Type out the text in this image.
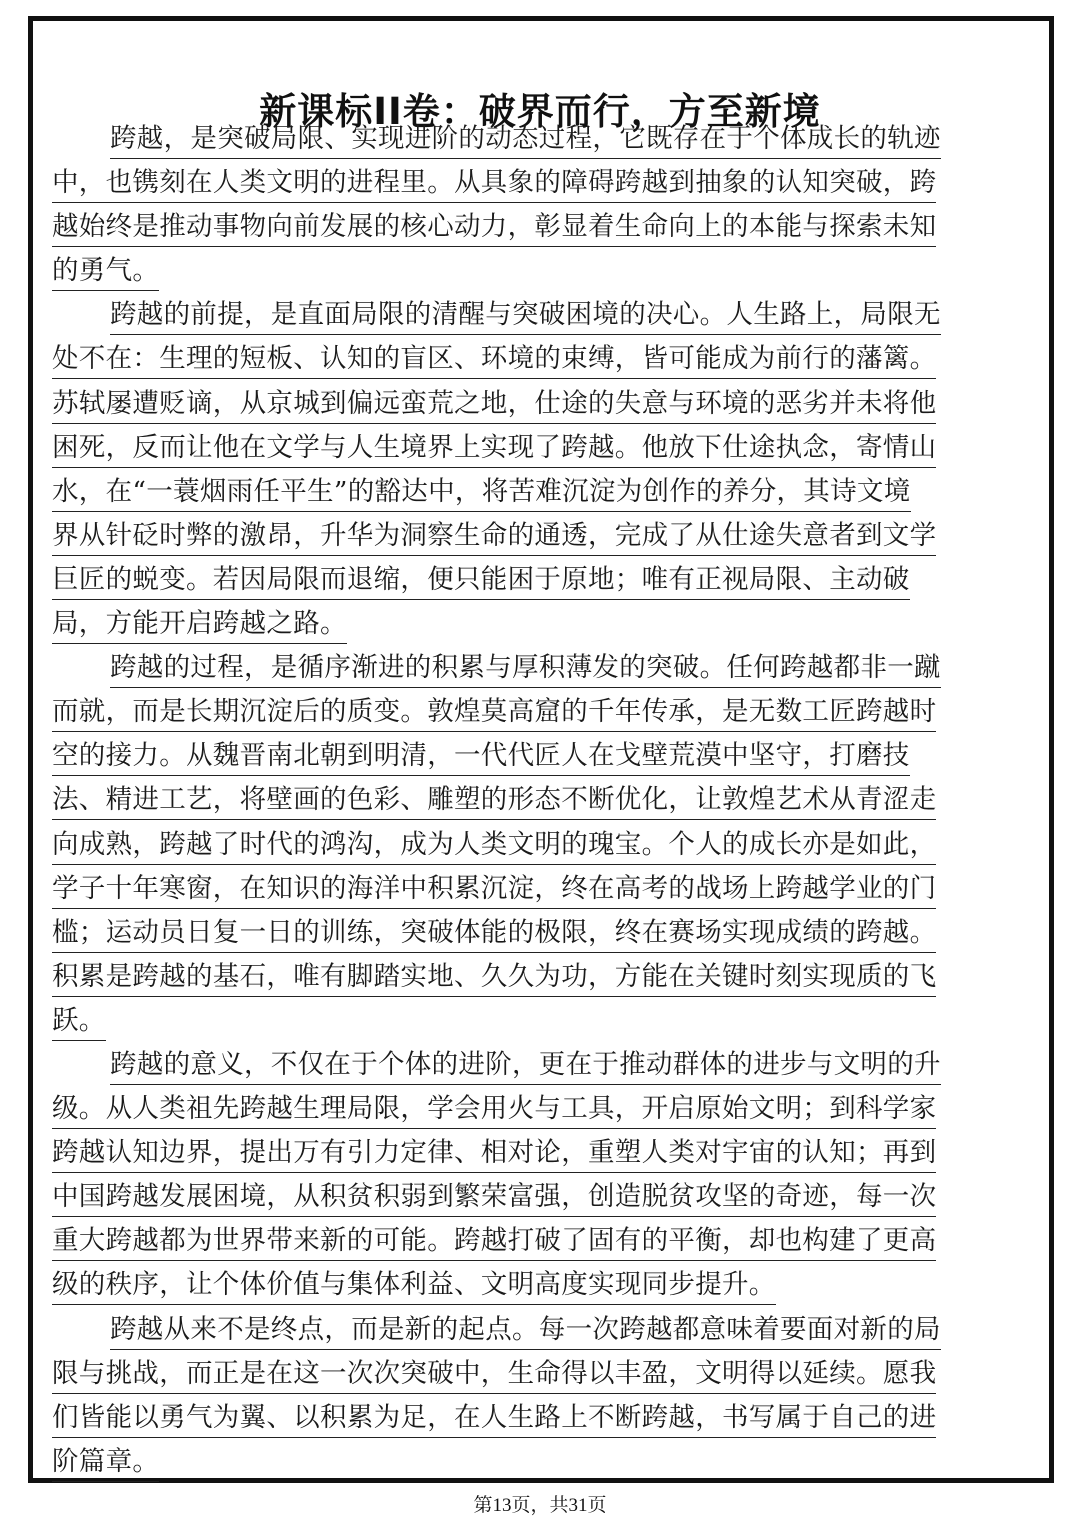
新课标II卷：破界而行，方至新境
跨越，是突破局限、实现进阶的动态过程，它既存在于个体成长的轨迹
中，也镌刻在人类文明的进程里。从具象的障碍跨越到抽象的认知突破，跨
越始终是推动事物向前发展的核心动力，彰显着生命向上的本能与探索未知
的勇气。
跨越的前提，是直面局限的清醒与突破困境的决心。人生路上，局限无
处不在：生理的短板、认知的盲区、环境的束缚，皆可能成为前行的藩篱。
苏轼屡遭贬谪，从京城到偏远蛮荒之地，仕途的失意与环境的恶劣并未将他
困死，反而让他在文学与人生境界上实现了跨越。他放下仕途执念，寄情山
水，在“一蓑烟雨任平生”的豁达中，将苦难沉淀为创作的养分，其诗文境
界从针砭时弊的激昂，升华为洞察生命的通透，完成了从仕途失意者到文学
巨匠的蜕变。若因局限而退缩，便只能困于原地；唯有正视局限、主动破
局，方能开启跨越之路。
跨越的过程，是循序渐进的积累与厚积薄发的突破。任何跨越都非一蹴
而就，而是长期沉淀后的质变。敦煌莫高窟的千年传承，是无数工匠跨越时
空的接力。从魏晋南北朝到明清，一代代匠人在戈壁荒漠中坚守，打磨技
法、精进工艺，将壁画的色彩、雕塑的形态不断优化，让敦煌艺术从青涩走
向成熟，跨越了时代的鸿沟，成为人类文明的瑰宝。个人的成长亦是如此，
学子十年寒窗，在知识的海洋中积累沉淀，终在高考的战场上跨越学业的门
槛；运动员日复一日的训练，突破体能的极限，终在赛场实现成绩的跨越。
积累是跨越的基石，唯有脚踏实地、久久为功，方能在关键时刻实现质的飞
跃。
跨越的意义，不仅在于个体的进阶，更在于推动群体的进步与文明的升
级。从人类祖先跨越生理局限，学会用火与工具，开启原始文明；到科学家
跨越认知边界，提出万有引力定律、相对论，重塑人类对宇宙的认知；再到
中国跨越发展困境，从积贫积弱到繁荣富强，创造脱贫攻坚的奇迹，每一次
重大跨越都为世界带来新的可能。跨越打破了固有的平衡，却也构建了更高
级的秩序，让个体价值与集体利益、文明高度实现同步提升。
跨越从来不是终点，而是新的起点。每一次跨越都意味着要面对新的局
限与挑战，而正是在这一次次突破中，生命得以丰盈，文明得以延续。愿我
们皆能以勇气为翼、以积累为足，在人生路上不断跨越，书写属于自己的进
阶篇章。
第13页，共31页
